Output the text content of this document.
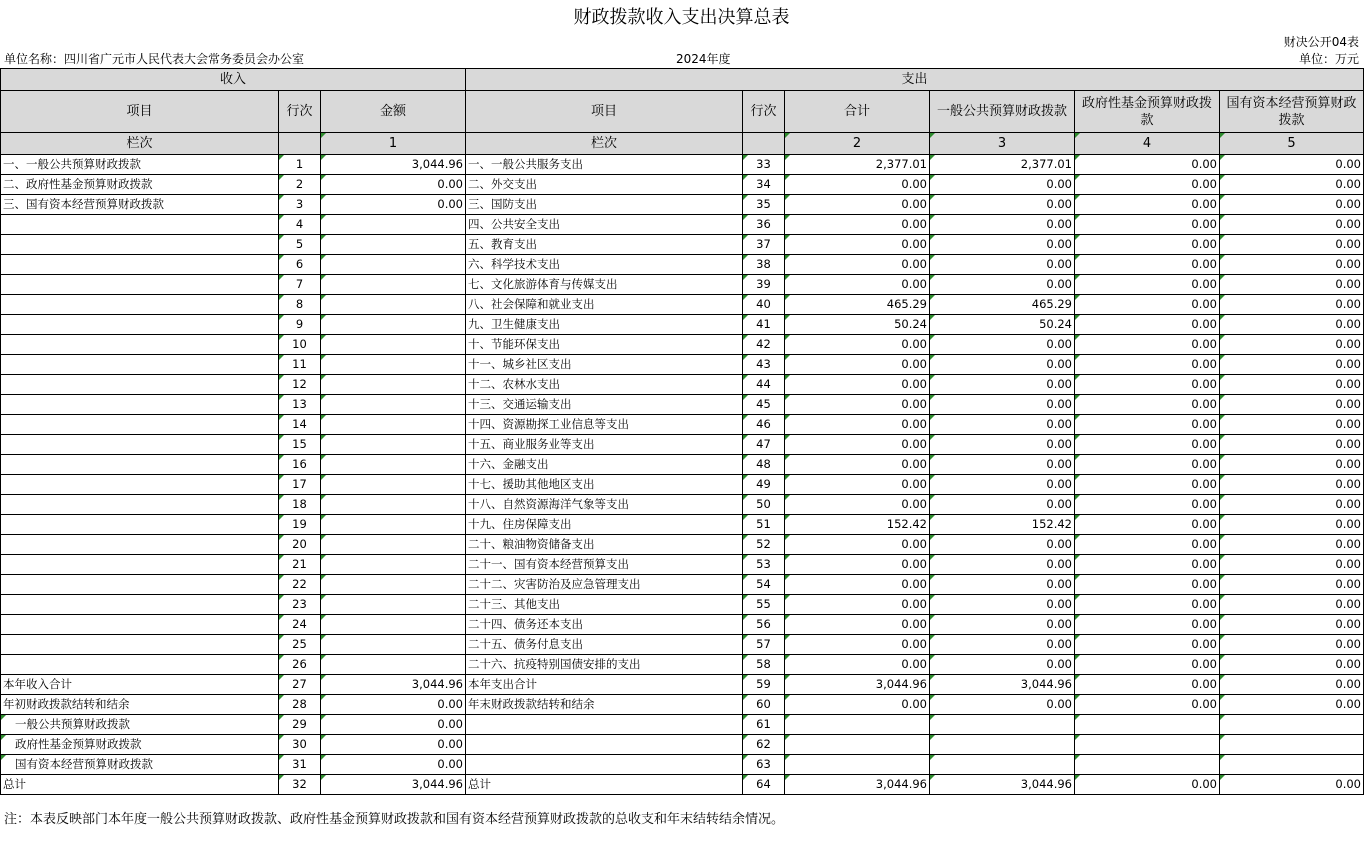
财政拨款收入支出决算总表
财决公开04表
单位名称：四川省广元市人民代表大会常务委员会办公室	2024年度	单位：万元
收入			支出					
项目	行次	金额	项目	行次	合计	一般公共预算财政拨款	政府性基金预算财政拨款	国有资本经营预算财政拨款
栏次		1	栏次		2	3	4	5
一、一般公共预算财政拨款	1	3,044.96	一、一般公共服务支出	33	2,377.01	2,377.01	0.00	0.00
二、政府性基金预算财政拨款	2	0.00	二、外交支出	34	0.00	0.00	0.00	0.00
三、国有资本经营预算财政拨款	3	0.00	三、国防支出	35	0.00	0.00	0.00	0.00
	4		四、公共安全支出	36	0.00	0.00	0.00	0.00
	5		五、教育支出	37	0.00	0.00	0.00	0.00
	6		六、科学技术支出	38	0.00	0.00	0.00	0.00
	7		七、文化旅游体育与传媒支出	39	0.00	0.00	0.00	0.00
	8		八、社会保障和就业支出	40	465.29	465.29	0.00	0.00
	9		九、卫生健康支出	41	50.24	50.24	0.00	0.00
	10		十、节能环保支出	42	0.00	0.00	0.00	0.00
	11		十一、城乡社区支出	43	0.00	0.00	0.00	0.00
	12		十二、农林水支出	44	0.00	0.00	0.00	0.00
	13		十三、交通运输支出	45	0.00	0.00	0.00	0.00
	14		十四、资源勘探工业信息等支出	46	0.00	0.00	0.00	0.00
	15		十五、商业服务业等支出	47	0.00	0.00	0.00	0.00
	16		十六、金融支出	48	0.00	0.00	0.00	0.00
	17		十七、援助其他地区支出	49	0.00	0.00	0.00	0.00
	18		十八、自然资源海洋气象等支出	50	0.00	0.00	0.00	0.00
	19		十九、住房保障支出	51	152.42	152.42	0.00	0.00
	20		二十、粮油物资储备支出	52	0.00	0.00	0.00	0.00
	21		二十一、国有资本经营预算支出	53	0.00	0.00	0.00	0.00
	22		二十二、灾害防治及应急管理支出	54	0.00	0.00	0.00	0.00
	23		二十三、其他支出	55	0.00	0.00	0.00	0.00
	24		二十四、债务还本支出	56	0.00	0.00	0.00	0.00
	25		二十五、债务付息支出	57	0.00	0.00	0.00	0.00
	26		二十六、抗疫特别国债安排的支出	58	0.00	0.00	0.00	0.00
本年收入合计	27	3,044.96	本年支出合计	59	3,044.96	3,044.96	0.00	0.00
年初财政拨款结转和结余	28	0.00	年末财政拨款结转和结余	60	0.00	0.00	0.00	0.00
一般公共预算财政拨款	29	0.00		61				
政府性基金预算财政拨款	30	0.00		62				
国有资本经营预算财政拨款	31	0.00		63				
总计	32	3,044.96	总计	64	3,044.96	3,044.96	0.00	0.00
注：本表反映部门本年度一般公共预算财政拨款、政府性基金预算财政拨款和国有资本经营预算财政拨款的总收支和年末结转结余情况。
